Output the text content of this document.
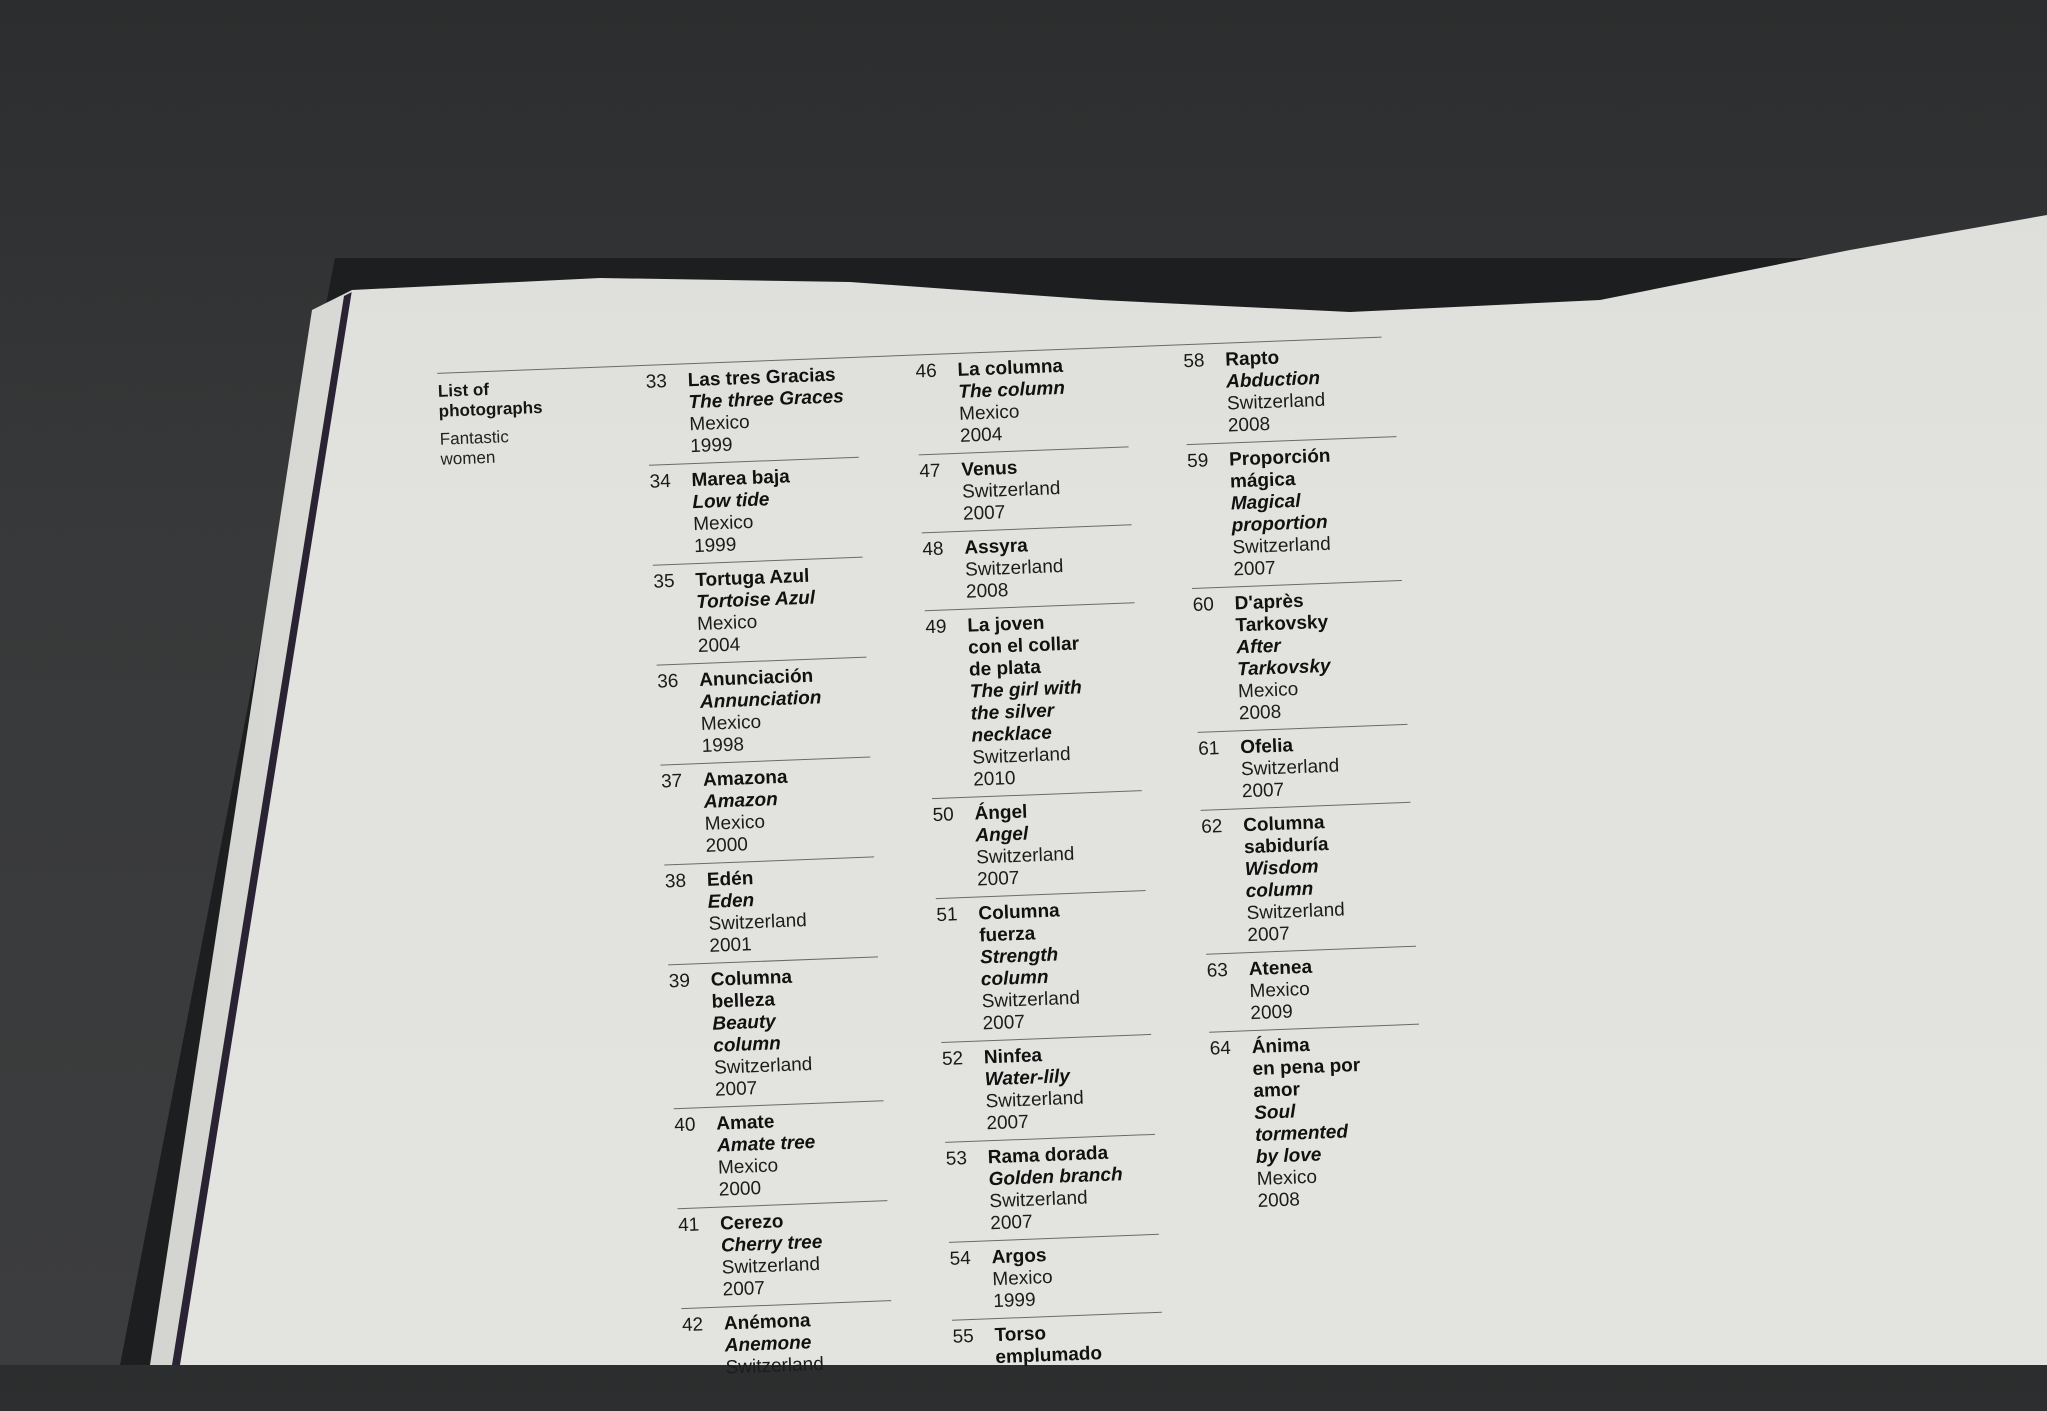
List of
photographs
Fantastic
women
33 Las tres Gracias
The three Graces
Mexico
1999
34 Marea baja
Low tide
Mexico
1999
35 Tortuga Azul
Tortoise Azul
Mexico
2004
36 Anunciación
Annunciation
Mexico
1998
37 Amazona
Amazon
Mexico
2000
38 Edén
Eden
Switzerland
2001
39 Columna
belleza
Beauty
column
Switzerland
2007
40 Amate
Amate tree
Mexico
2000
41 Cerezo
Cherry tree
Switzerland
2007
42 Anémona
Anemone
Switzerland
46 La columna
The column
Mexico
2004
47 Venus
Switzerland
2007
48 Assyra
Switzerland
2008
49 La joven
con el collar
de plata
The girl with
the silver
necklace
Switzerland
2010
50 Ángel
Angel
Switzerland
2007
51 Columna
fuerza
Strength
column
Switzerland
2007
52 Ninfea
Water-lily
Switzerland
2007
53 Rama dorada
Golden branch
Switzerland
2007
54 Argos
Mexico
1999
55 Torso
emplumado
58 Rapto
Abduction
Switzerland
2008
59 Proporción
mágica
Magical
proportion
Switzerland
2007
60 D'après
Tarkovsky
After
Tarkovsky
Mexico
2008
61 Ofelia
Switzerland
2007
62 Columna
sabiduría
Wisdom
column
Switzerland
2007
63 Atenea
Mexico
2009
64 Ánima
en pena por
amor
Soul
tormented
by love
Mexico
2008
